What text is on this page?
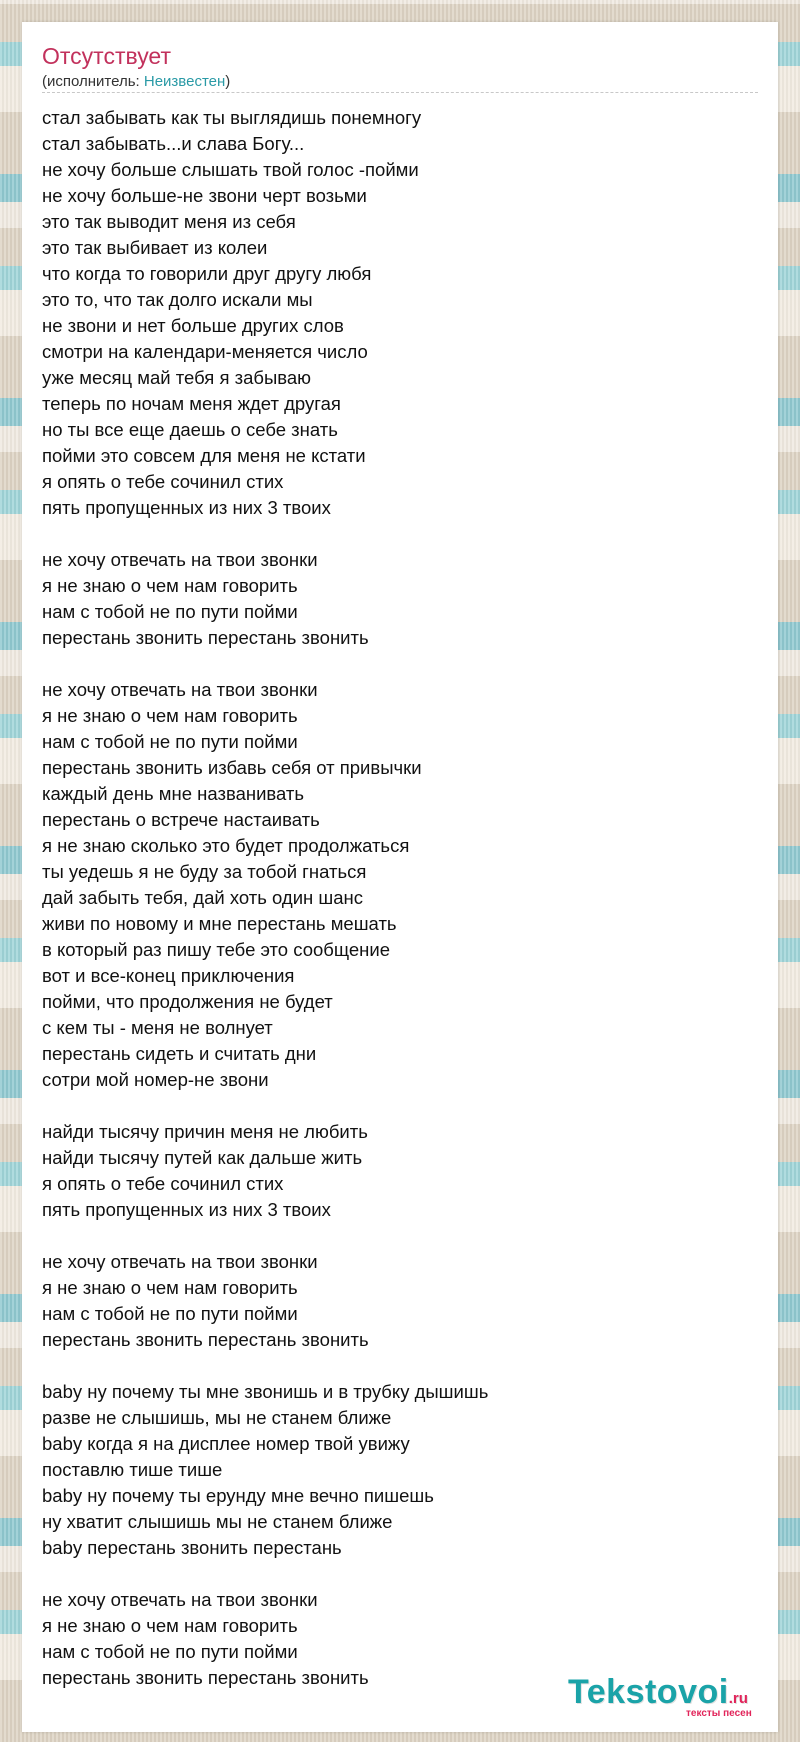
Отсутствует
(исполнитель: Неизвестен)
стал забывать как ты выглядишь понемногу
стал забывать...и слава Богу...
не хочу больше слышать твой голос -пойми
не хочу больше-не звони черт возьми
это так выводит меня из себя
это так выбивает из колеи
что когда то говорили друг другу любя
это то, что так долго искали мы
не звони и нет больше других слов
смотри на календари-меняется число
уже месяц май тебя я забываю
теперь по ночам меня ждет другая
но ты все еще даешь о себе знать
пойми это совсем для меня не кстати
я опять о тебе сочинил стих
пять пропущенных из них 3 твоих
не хочу отвечать на твои звонки
я не знаю о чем нам говорить
нам с тобой не по пути пойми
перестань звонить перестань звонить
не хочу отвечать на твои звонки
я не знаю о чем нам говорить
нам с тобой не по пути пойми
перестань звонить избавь себя от привычки
каждый день мне названивать
перестань о встрече настаивать
я не знаю сколько это будет продолжаться
ты уедешь я не буду за тобой гнаться
дай забыть тебя, дай хоть один шанс
живи по новому и мне перестань мешать
в который раз пишу тебе это сообщение
вот и все-конец приключения
пойми, что продолжения не будет
с кем ты - меня не волнует
перестань сидеть и считать дни
сотри мой номер-не звони
найди тысячу причин меня не любить
найди тысячу путей как дальше жить
я опять о тебе сочинил стих
пять пропущенных из них 3 твоих
не хочу отвечать на твои звонки
я не знаю о чем нам говорить
нам с тобой не по пути пойми
перестань звонить перестань звонить
baby ну почему ты мне звонишь и в трубку дышишь
разве не слышишь, мы не станем ближе
baby когда я на дисплее номер твой увижу
поставлю тише тише
baby ну почему ты ерунду мне вечно пишешь
ну хватит слышишь мы не станем ближе
baby перестань звонить перестань
не хочу отвечать на твои звонки
я не знаю о чем нам говорить
нам с тобой не по пути пойми
перестань звонить перестань звонить	Tekstovoi.ru
тексты песен
